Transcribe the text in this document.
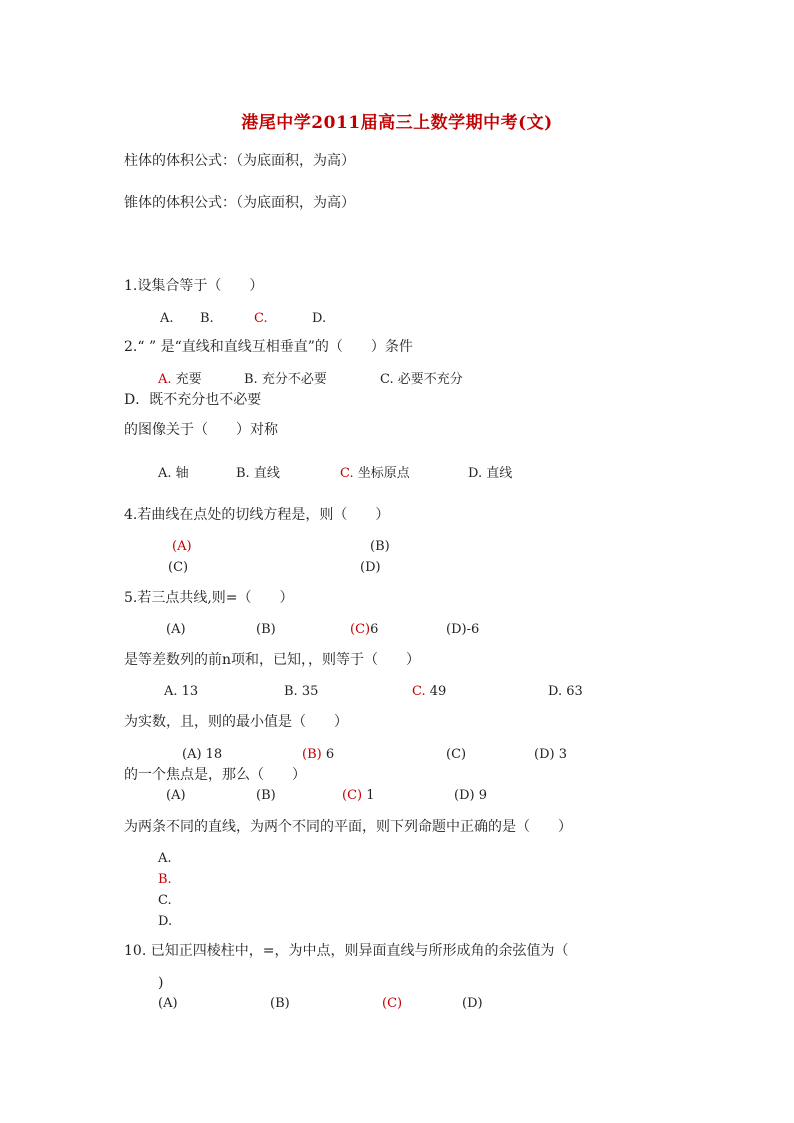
港尾中学2011届高三上数学期中考(文)
柱体的体积公式：（为底面积，为高）
锥体的体积公式：（为底面积，为高）
1.设集合等于（　　）
A. B.	C.	D.
2.“ ” 是“直线和直线互相垂直”的（　　）条件
A. 充要	B. 充分不必要	C. 必要不充分
D．既不充分也不必要
的图像关于（　　）对称
A. 轴	B. 直线	C. 坐标原点	D. 直线
4.若曲线在点处的切线方程是，则（　　）
(A)	(B)
(C)	(D)
5.若三点共线,则=（　　）
(A)	(B)	(C)6	(D)-6
是等差数列的前n项和，已知，，则等于（　　）
A. 13	B. 35	C. 49	D. 63
为实数，且，则的最小值是（　　）
(A) 18	(B) 6	(C)	(D) 3
的一个焦点是，那么（　　）
(A)	(B)	(C) 1	(D) 9
为两条不同的直线，为两个不同的平面，则下列命题中正确的是（　　）
A.
B.
C.
D.
10. 已知正四棱柱中，=，为中点，则异面直线与所形成角的余弦值为（
)
(A)	(B)	(C)	(D)
